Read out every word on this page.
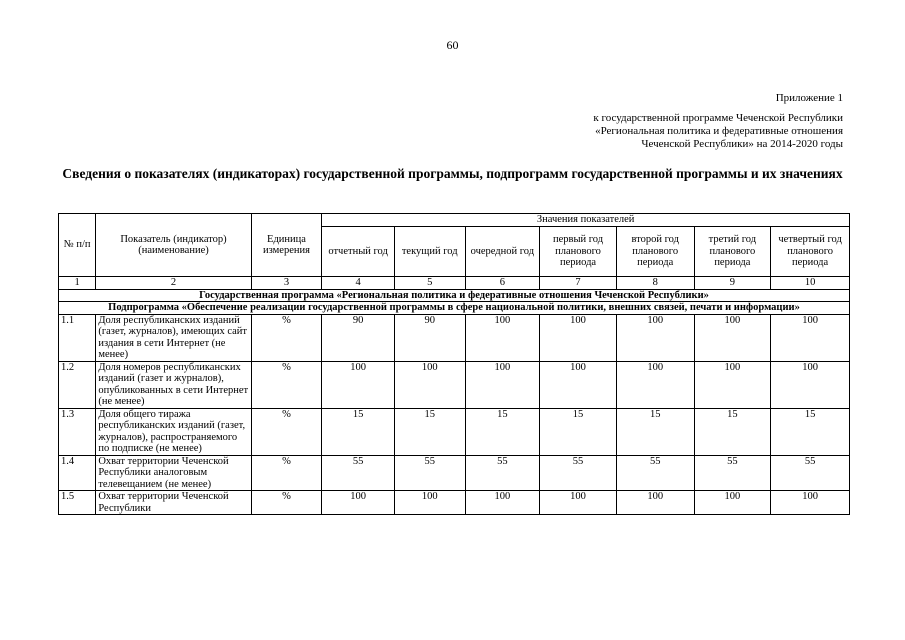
60
Приложение 1
к государственной программе Чеченской Республики
«Региональная политика и федеративные отношения
Чеченской Республики» на 2014-2020 годы
Сведения о показателях (индикаторах) государственной программы, подпрограмм государственной программы и их значениях
№ п/п	Показатель (индикатор) (наименование)	Единица измерения	Значения показателей						
			отчетный год	текущий год	очередной год	первый год планового периода	второй год планового периода	третий год планового периода	четвертый год планового периода
1	2	3	4	5	6	7	8	9	10
Государственная программа «Региональная политика и федеративные отношения Чеченской Республики»									
Подпрограмма «Обеспечение реализации государственной программы в сфере национальной политики, внешних связей, печати и информации»									
1.1	Доля республиканских изданий (газет, журналов), имеющих сайт издания в сети Интернет (не менее)	%	90	90	100	100	100	100	100
1.2	Доля номеров республиканских изданий (газет и журналов), опубликованных в сети Интернет (не менее)	%	100	100	100	100	100	100	100
1.3	Доля общего тиража республиканских изданий (газет, журналов), распространяемого по подписке (не менее)	%	15	15	15	15	15	15	15
1.4	Охват территории Чеченской Республики аналоговым телевещанием (не менее)	%	55	55	55	55	55	55	55
1.5	Охват территории Чеченской Республики	%	100	100	100	100	100	100	100
